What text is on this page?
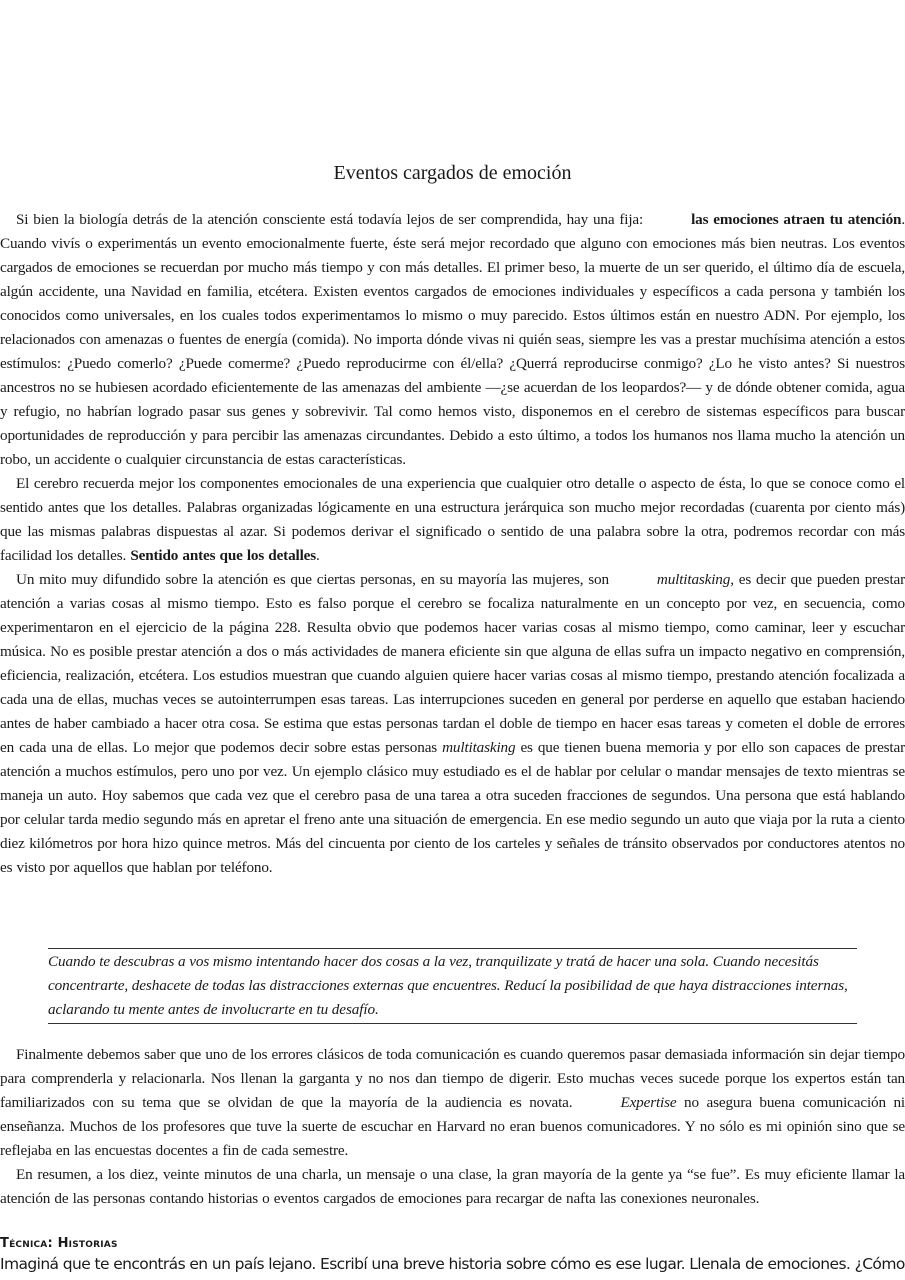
Eventos cargados de emoción

Si bien la biología detrás de la atención consciente está todavía lejos de ser comprendida, hay una fija:	las emociones atraen tu atención. Cuando vivís o experimentás un evento emocionalmente fuerte, éste será mejor recordado que alguno con emociones más bien neutras. Los eventos cargados de emociones se recuerdan por mucho más tiempo y con más detalles. El primer beso, la muerte de un ser querido, el último día de escuela, algún accidente, una Navidad en familia, etcétera. Existen eventos cargados de emociones individuales y específicos a cada persona y también los conocidos como universales, en los cuales todos experimentamos lo mismo o muy parecido. Estos últimos están en nuestro ADN. Por ejemplo, los relacionados con amenazas o fuentes de energía (comida). No importa dónde vivas ni quién seas, siempre les vas a prestar muchísima atención a estos estímulos: ¿Puedo comerlo? ¿Puede comerme? ¿Puedo reproducirme con él/ella? ¿Querrá reproducirse conmigo? ¿Lo he visto antes? Si nuestros ancestros no se hubiesen acordado eficientemente de las amenazas del ambiente —¿se acuerdan de los leopardos?— y de dónde obtener comida, agua y refugio, no habrían logrado pasar sus genes y sobrevivir. Tal como hemos visto, disponemos en el cerebro de sistemas específicos para buscar oportunidades de reproducción y para percibir las amenazas circundantes. Debido a esto último, a todos los humanos nos llama mucho la atención un robo, un accidente o cualquier circunstancia de estas características.

El cerebro recuerda mejor los componentes emocionales de una experiencia que cualquier otro detalle o aspecto de ésta, lo que se conoce como el sentido antes que los detalles. Palabras organizadas lógicamente en una estructura jerárquica son mucho mejor recordadas (cuarenta por ciento más) que las mismas palabras dispuestas al azar. Si podemos derivar el significado o sentido de una palabra sobre la otra, podremos recordar con más facilidad los detalles. Sentido antes que los detalles.

Un mito muy difundido sobre la atención es que ciertas personas, en su mayoría las mujeres, son	multitasking, es decir que pueden prestar atención a varias cosas al mismo tiempo. Esto es falso porque el cerebro se focaliza naturalmente en un concepto por vez, en secuencia, como experimentaron en el ejercicio de la página 228. Resulta obvio que podemos hacer varias cosas al mismo tiempo, como caminar, leer y escuchar música. No es posible prestar atención a dos o más actividades de manera eficiente sin que alguna de ellas sufra un impacto negativo en comprensión, eficiencia, realización, etcétera. Los estudios muestran que cuando alguien quiere hacer varias cosas al mismo tiempo, prestando atención focalizada a cada una de ellas, muchas veces se autointerrumpen esas tareas. Las interrupciones suceden en general por perderse en aquello que estaban haciendo antes de haber cambiado a hacer otra cosa. Se estima que estas personas tardan el doble de tiempo en hacer esas tareas y cometen el doble de errores en cada una de ellas. Lo mejor que podemos decir sobre estas personas multitasking es que tienen buena memoria y por ello son capaces de prestar atención a muchos estímulos, pero uno por vez. Un ejemplo clásico muy estudiado es el de hablar por celular o mandar mensajes de texto mientras se maneja un auto. Hoy sabemos que cada vez que el cerebro pasa de una tarea a otra suceden fracciones de segundos. Una persona que está hablando por celular tarda medio segundo más en apretar el freno ante una situación de emergencia. En ese medio segundo un auto que viaja por la ruta a ciento diez kilómetros por hora hizo quince metros. Más del cincuenta por ciento de los carteles y señales de tránsito observados por conductores atentos no es visto por aquellos que hablan por teléfono.

Cuando te descubras a vos mismo intentando hacer dos cosas a la vez, tranquilizate y tratá de hacer una sola. Cuando necesitás concentrarte, deshacete de todas las distracciones externas que encuentres. Reducí la posibilidad de que haya distracciones internas, aclarando tu mente antes de involucrarte en tu desafío.

Finalmente debemos saber que uno de los errores clásicos de toda comunicación es cuando queremos pasar demasiada información sin dejar tiempo para comprenderla y relacionarla. Nos llenan la garganta y no nos dan tiempo de digerir. Esto muchas veces sucede porque los expertos están tan familiarizados con su tema que se olvidan de que la mayoría de la audiencia es novata.	Expertise no asegura buena comunicación ni enseñanza. Muchos de los profesores que tuve la suerte de escuchar en Harvard no eran buenos comunicadores. Y no sólo es mi opinión sino que se reflejaba en las encuestas docentes a fin de cada semestre.

En resumen, a los diez, veinte minutos de una charla, un mensaje o una clase, la gran mayoría de la gente ya “se fue”. Es muy eficiente llamar la atención de las personas contando historias o eventos cargados de emociones para recargar de nafta las conexiones neuronales.

Técnica: Historias
Imaginá que te encontrás en un país lejano. Escribí una breve historia sobre cómo es ese lugar. Llenala de emociones. ¿Cómo
